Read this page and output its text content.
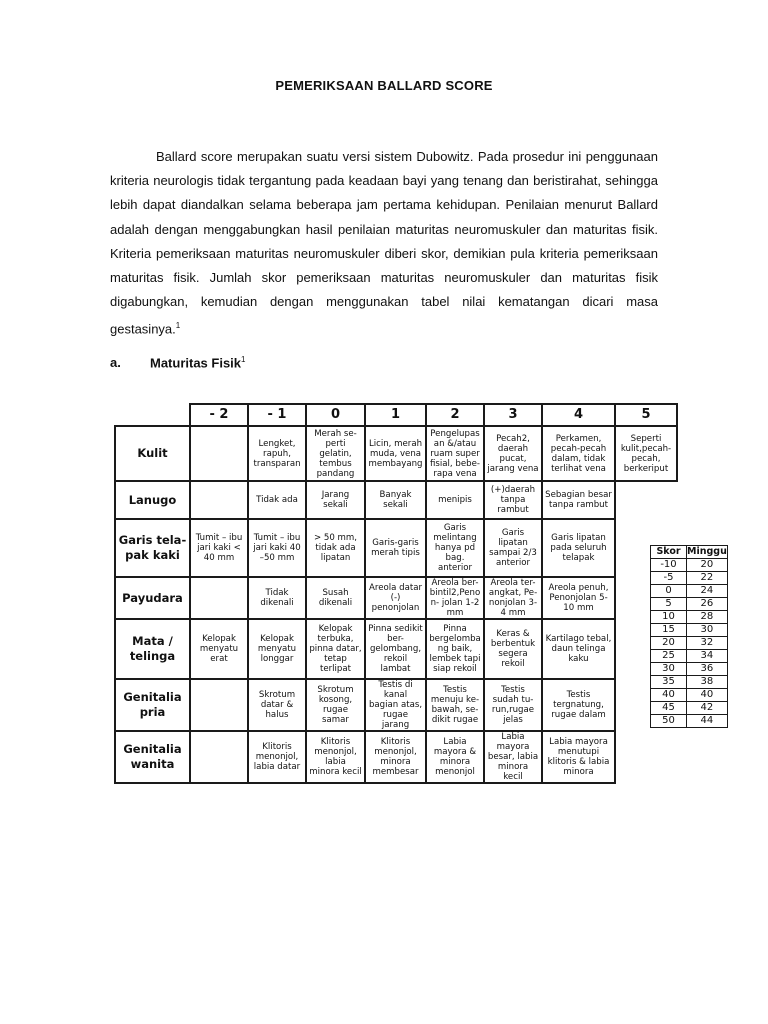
PEMERIKSAAN BALLARD SCORE

Ballard score merupakan suatu versi sistem Dubowitz. Pada prosedur ini penggunaan kriteria neurologis tidak tergantung pada keadaan bayi yang tenang dan beristirahat, sehingga lebih dapat diandalkan selama beberapa jam pertama kehidupan. Penilaian menurut Ballard adalah dengan menggabungkan hasil penilaian maturitas neuromuskuler dan maturitas fisik. Kriteria pemeriksaan maturitas neuromuskuler diberi skor, demikian pula kriteria pemeriksaan maturitas fisik. Jumlah skor pemeriksaan maturitas neuromuskuler dan maturitas fisik digabungkan, kemudian dengan menggunakan tabel nilai kematangan dicari masa gestasinya.$^1$

a. Maturitas Fisik$^1$
	- 2	- 1	0	1	2	3	4	5
Kulit		Lengket, rapuh, transparan	Merah se-perti gelatin, tembus pandang	Licin, merah muda, vena membayang	Pengelupas an &/atau ruam super fisial, bebe-rapa vena	Pecah2, daerah pucat, jarang vena	Perkamen, pecah-pecah dalam, tidak terlihat vena	Seperti kulit,pecah-pecah, berkeriput
Lanugo		Tidak ada	Jarang sekali	Banyak sekali	menipis	(+)daerah tanpa rambut	Sebagian besar tanpa rambut	
Garis tela-pak kaki	Tumit – ibu jari kaki < 40 mm	Tumit – ibu jari kaki 40 –50 mm	> 50 mm, tidak ada lipatan	Garis-garis merah tipis	Garis melintang hanya pd bag. anterior	Garis lipatan sampai 2/3 anterior	Garis lipatan pada seluruh telapak	
Payudara		Tidak dikenali	Susah dikenali	Areola datar (-) penonjolan	Areola ber-bintil2,Peno n- jolan 1-2 mm	Areola ter-angkat, Pe-nonjolan 3-4 mm	Areola penuh, Penonjolan 5- 10 mm	
Mata / telinga	Kelopak menyatu erat	Kelopak menyatu longgar	Kelopak terbuka, pinna datar, tetap terlipat	Pinna sedikit ber-gelombang, rekoil lambat	Pinna bergelomba ng baik, lembek tapi siap rekoil	Keras & berbentuk segera rekoil	Kartilago tebal, daun telinga kaku	
Genitalia pria		Skrotum datar & halus	Skrotum kosong, rugae samar	Testis di kanal bagian atas, rugae jarang	Testis menuju ke-bawah, se-dikit rugae	Testis sudah tu-run,rugae jelas	Testis tergnatung, rugae dalam	
Genitalia wanita		Klitoris menonjol, labia datar	Klitoris menonjol, labia minora kecil	Klitoris menonjol, minora membesar	Labia mayora & minora menonjol	Labia mayora besar, labia minora kecil	Labia mayora menutupi klitoris & labia minora	
Skor	Minggu
-10	20
-5	22
0	24
5	26
10	28
15	30
20	32
25	34
30	36
35	38
40	40
45	42
50	44
